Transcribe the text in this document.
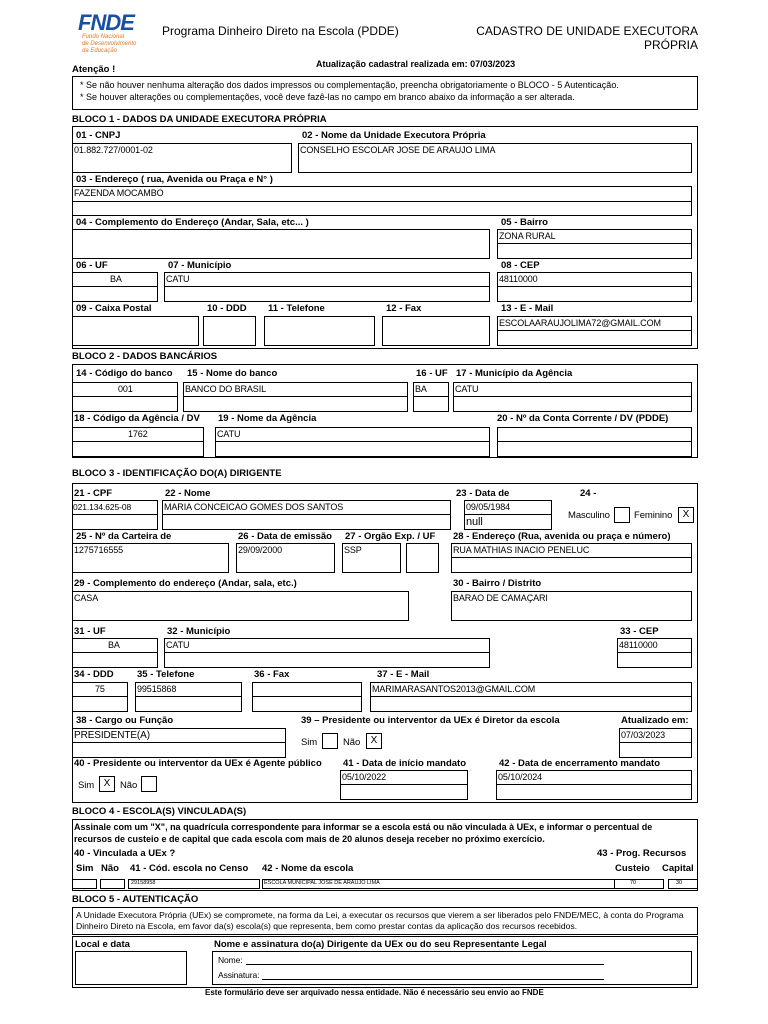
FNDE
Fundo Nacional
de Desenvolvimento
da Educação
Programa Dinheiro Direto na Escola (PDDE)	CADASTRO DE UNIDADE EXECUTORA
PRÓPRIA
Atualização cadastral realizada em: 07/03/2023
Atenção !
* Se não houver nenhuma alteração dos dados impressos ou complementação, preencha obrigatoriamente o BLOCO - 5 Autenticação.
* Se houver alterações ou complementações, você deve fazê-las no campo em branco abaixo da informação a ser alterada.
BLOCO 1 - DADOS DA UNIDADE EXECUTORA PRÓPRIA
01 - CNPJ
01.882.727/0001-02
02 - Nome da Unidade Executora Própria
CONSELHO ESCOLAR JOSE DE ARAUJO LIMA
03 - Endereço ( rua, Avenida ou Praça e N° )
FAZENDA MOCAMBO
04 - Complemento do Endereço (Andar, Sala, etc... )	05 - Bairro
ZONA RURAL
06 - UF
BA
07 - Município
CATU
08 - CEP
48110000
09 - Caixa Postal	10 - DDD 11 - Telefone	12 - Fax	13 - E - Mail
ESCOLAARAUJOLIMA72@GMAIL.COM
BLOCO 2 - DADOS BANCÁRIOS
14 - Código do banco
001
15 - Nome do banco
BANCO DO BRASIL
16 - UF
BA
17 - Município da Agência
CATU
18 - Código da Agência / DV
1762
19 - Nome da Agência
CATU
20 - Nº da Conta Corrente / DV (PDDE)
BLOCO 3 - IDENTIFICAÇÃO DO(A) DIRIGENTE
21 - CPF
021.134.625-08
22 - Nome
MARIA CONCEICAO GOMES DOS SANTOS
23 - Data de
09/05/1984
null
24 -
Masculino	Feminino	X
25 - Nº da Carteira de
1275716555
26 - Data de emissão
29/09/2000
27 - Orgão Exp. / UF
SSP
28 - Endereço (Rua, avenida ou praça e número)
RUA MATHIAS INACIO PENELUC
29 - Complemento do endereço (Andar, sala, etc.)
CASA
30 - Bairro / Distrito
BARAO DE CAMAÇARI
31 - UF
BA
32 - Município
CATU
33 - CEP
48110000
34 - DDD
75
35 - Telefone
99515868
36 - Fax	37 - E - Mail
MARIMARASANTOS2013@GMAIL.COM
38 - Cargo ou Função
PRESIDENTE(A)
39 – Presidente ou interventor da UEx é Diretor da escola
Sim	Não	X
Atualizado em:
07/03/2023
40 - Presidente ou interventor da UEx é Agente público
Sim X	Não
41 - Data de início mandato
05/10/2022
42 - Data de encerramento mandato
05/10/2024
BLOCO 4 - ESCOLA(S) VINCULADA(S)
Assinale com um "X", na quadrícula correspondente para informar se a escola está ou não vinculada à UEx, e informar o percentual de
recursos de custeio e de capital que cada escola com mais de 20 alunos deseja receber no próximo exercício.
40 - Vinculada a UEx ?	43 - Prog. Recursos
Sim Não 41 - Cód. escola no Censo 42 - Nome da escola	Custeio Capital
29158958	ESCOLA MUNICIPAL JOSE DE ARAUJO LIMA	70	30
BLOCO 5 - AUTENTICAÇÃO
A Unidade Executora Própria (UEx) se compromete, na forma da Lei, a executar os recursos que vierem a ser liberados pelo FNDE/MEC, à conta do Programa
Dinheiro Direto na Escola, em favor da(s) escola(s) que representa, bem como prestar contas da aplicação dos recursos recebidos.
Local e data	Nome e assinatura do(a) Dirigente da UEx ou do seu Representante Legal
Nome:
Assinatura:
Este formulário deve ser arquivado nessa entidade. Não é necessário seu envio ao FNDE
